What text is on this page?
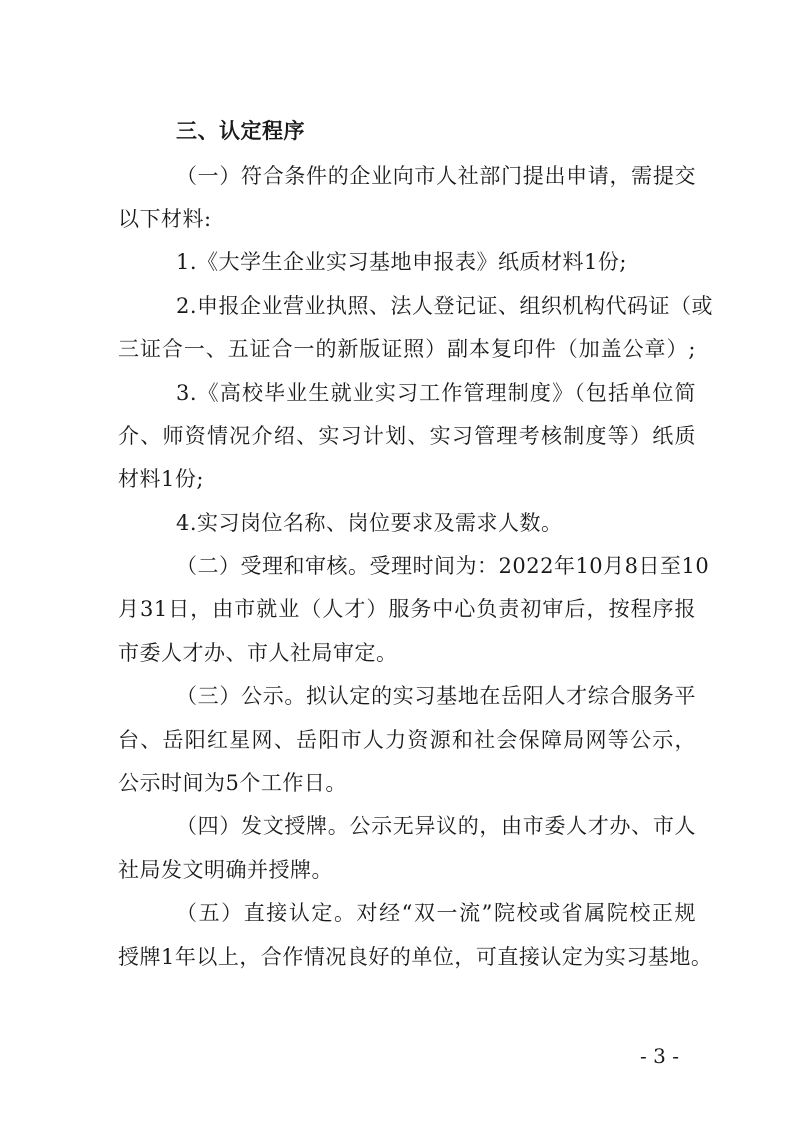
三、认定程序
（一）符合条件的企业向市人社部门提出申请，需提交
以下材料:
1.《大学生企业实习基地申报表》纸质材料1份;
2.申报企业营业执照、法人登记证、组织机构代码证（或
三证合一、五证合一的新版证照）副本复印件（加盖公章）;
3.《高校毕业生就业实习工作管理制度》（包括单位简
介、师资情况介绍、实习计划、实习管理考核制度等）纸质
材料1份;
4.实习岗位名称、岗位要求及需求人数。
（二）受理和审核。受理时间为：2022年10月8日至10
月31日，由市就业（人才）服务中心负责初审后，按程序报
市委人才办、市人社局审定。
（三）公示。拟认定的实习基地在岳阳人才综合服务平
台、岳阳红星网、岳阳市人力资源和社会保障局网等公示，
公示时间为5个工作日。
（四）发文授牌。公示无异议的，由市委人才办、市人
社局发文明确并授牌。
（五）直接认定。对经“双一流”院校或省属院校正规
授牌1年以上，合作情况良好的单位，可直接认定为实习基地。
- 3 -
